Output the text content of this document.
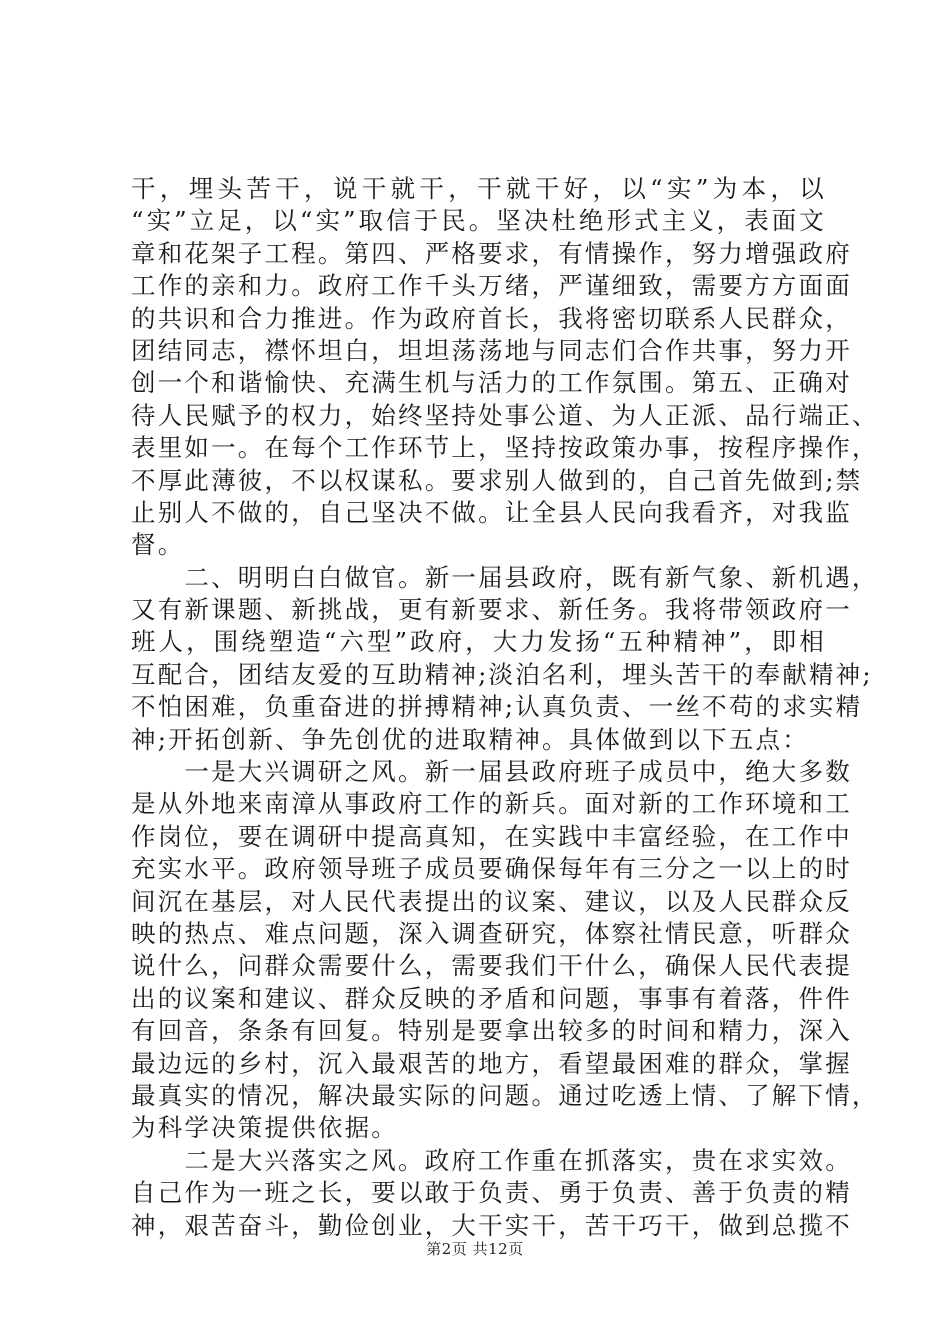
干，埋头苦干，说干就干，干就干好，以“实”为本，以
“实”立足，以“实”取信于民。坚决杜绝形式主义，表面文
章和花架子工程。第四、严格要求，有情操作，努力增强政府
工作的亲和力。政府工作千头万绪，严谨细致，需要方方面面
的共识和合力推进。作为政府首长，我将密切联系人民群众，
团结同志，襟怀坦白，坦坦荡荡地与同志们合作共事，努力开
创一个和谐愉快、充满生机与活力的工作氛围。第五、正确对
待人民赋予的权力，始终坚持处事公道、为人正派、品行端正、
表里如一。在每个工作环节上，坚持按政策办事，按程序操作，
不厚此薄彼，不以权谋私。要求别人做到的，自己首先做到;禁
止别人不做的，自己坚决不做。让全县人民向我看齐，对我监
督。
　　二、明明白白做官。新一届县政府，既有新气象、新机遇，
又有新课题、新挑战，更有新要求、新任务。我将带领政府一
班人，围绕塑造“六型”政府，大力发扬“五种精神”，即相
互配合，团结友爱的互助精神;淡泊名利，埋头苦干的奉献精神;
不怕困难，负重奋进的拼搏精神;认真负责、一丝不苟的求实精
神;开拓创新、争先创优的进取精神。具体做到以下五点：
　　一是大兴调研之风。新一届县政府班子成员中，绝大多数
是从外地来南漳从事政府工作的新兵。面对新的工作环境和工
作岗位，要在调研中提高真知，在实践中丰富经验，在工作中
充实水平。政府领导班子成员要确保每年有三分之一以上的时
间沉在基层，对人民代表提出的议案、建议，以及人民群众反
映的热点、难点问题，深入调查研究，体察社情民意，听群众
说什么，问群众需要什么，需要我们干什么，确保人民代表提
出的议案和建议、群众反映的矛盾和问题，事事有着落，件件
有回音，条条有回复。特别是要拿出较多的时间和精力，深入
最边远的乡村，沉入最艰苦的地方，看望最困难的群众，掌握
最真实的情况，解决最实际的问题。通过吃透上情、了解下情，
为科学决策提供依据。
　　二是大兴落实之风。政府工作重在抓落实，贵在求实效。
自己作为一班之长，要以敢于负责、勇于负责、善于负责的精
神，艰苦奋斗，勤俭创业，大干实干，苦干巧干，做到总揽不
第2页 共12页
